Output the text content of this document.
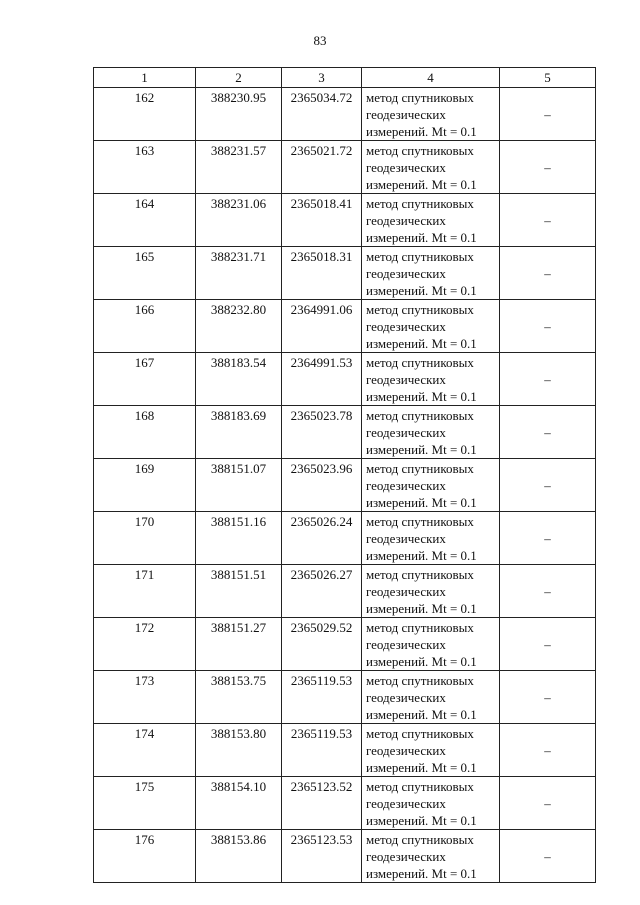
83
1	2	3	4	5
162	388230.95	2365034.72	метод спутниковых
геодезических
измерений. Mt = 0.1	–
163	388231.57	2365021.72	метод спутниковых
геодезических
измерений. Mt = 0.1	–
164	388231.06	2365018.41	метод спутниковых
геодезических
измерений. Mt = 0.1	–
165	388231.71	2365018.31	метод спутниковых
геодезических
измерений. Mt = 0.1	–
166	388232.80	2364991.06	метод спутниковых
геодезических
измерений. Mt = 0.1	–
167	388183.54	2364991.53	метод спутниковых
геодезических
измерений. Mt = 0.1	–
168	388183.69	2365023.78	метод спутниковых
геодезических
измерений. Mt = 0.1	–
169	388151.07	2365023.96	метод спутниковых
геодезических
измерений. Mt = 0.1	–
170	388151.16	2365026.24	метод спутниковых
геодезических
измерений. Mt = 0.1	–
171	388151.51	2365026.27	метод спутниковых
геодезических
измерений. Mt = 0.1	–
172	388151.27	2365029.52	метод спутниковых
геодезических
измерений. Mt = 0.1	–
173	388153.75	2365119.53	метод спутниковых
геодезических
измерений. Mt = 0.1	–
174	388153.80	2365119.53	метод спутниковых
геодезических
измерений. Mt = 0.1	–
175	388154.10	2365123.52	метод спутниковых
геодезических
измерений. Mt = 0.1	–
176	388153.86	2365123.53	метод спутниковых
геодезических
измерений. Mt = 0.1	–
